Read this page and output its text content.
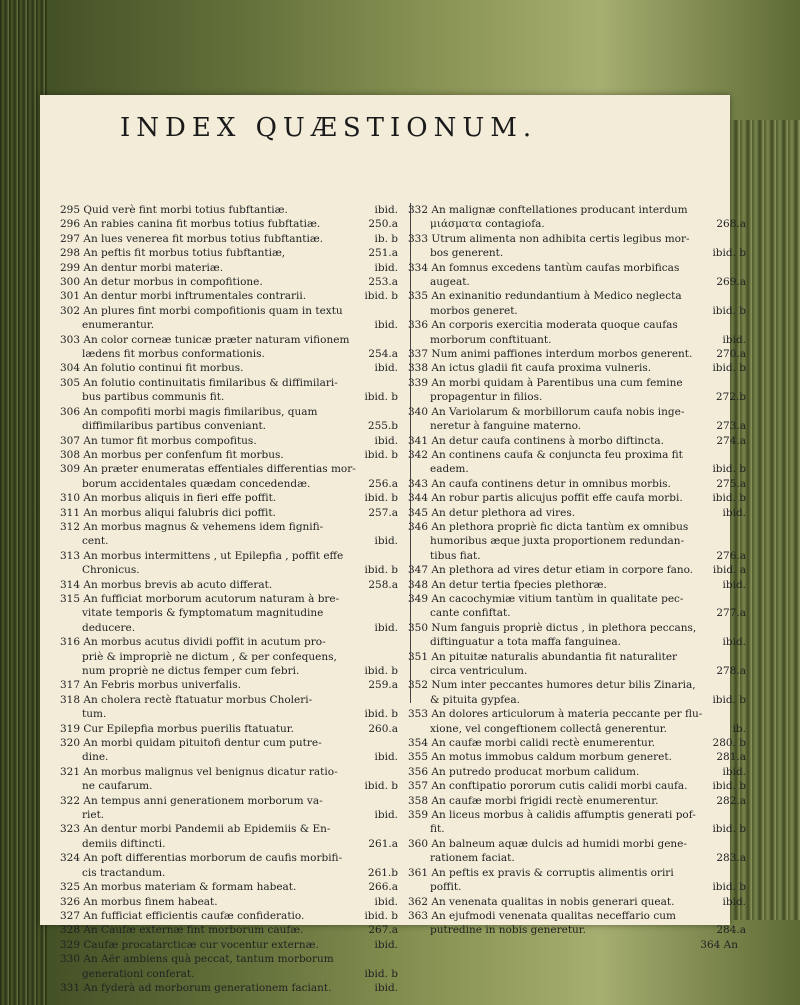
INDEX QUÆSTIONUM.
295 Quid verè fint morbi totius fubftantiæ.	ibid.
296 An rabies canina fit morbus totius fubftatiæ.	250.a
297 An lues venerea fit morbus totius fubftantiæ.	ib. b
298 An peftis fit morbus totius fubftantiæ,	251.a
299 An dentur morbi materiæ.	ibid.
300 An detur morbus in compofitione.	253.a
301 An dentur morbi inftrumentales contrarii.	ibid. b
302 An plures fint morbi compofitionis quam in textu
enumerantur.	ibid.
303 An color corneæ tunicæ præter naturam vifionem
lædens fit morbus conformationis.	254.a
304 An folutio continui fit morbus.	ibid.
305 An folutio continuitatis fimilaribus & diffimilari-
bus partibus communis fit.	ibid. b
306 An compofiti morbi magis fimilaribus, quam
diffimilaribus partibus conveniant.	255.b
307 An tumor fit morbus compofitus.	ibid.
308 An morbus per confenfum fit morbus.	ibid. b
309 An præter enumeratas effentiales differentias mor-
borum accidentales quædam concedendæ.	256.a
310 An morbus aliquis in fieri effe poffit.	ibid. b
311 An morbus aliqui falubris dici poffit.	257.a
312 An morbus magnus & vehemens idem fignifi-
cent.	ibid.
313 An morbus intermittens , ut Epilepfia , poffit effe
Chronicus.	ibid. b
314 An morbus brevis ab acuto differat.	258.a
315 An fufficiat morborum acutorum naturam à bre-
vitate temporis & fymptomatum magnitudine
deducere.	ibid.
316 An morbus acutus dividi poffit in acutum pro-
priè & impropriè ne dictum , & per confequens,
num propriè ne dictus femper cum febri.	ibid. b
317 An Febris morbus univerfalis.	259.a
318 An cholera rectè ftatuatur morbus Choleri-
tum.	ibid. b
319 Cur Epilepfia morbus puerilis ftatuatur.	260.a
320 An morbi quidam pituitofi dentur cum putre-
dine.	ibid.
321 An morbus malignus vel benignus dicatur ratio-
ne caufarum.	ibid. b
322 An tempus anni generationem morborum va-
riet.	ibid.
323 An dentur morbi Pandemii ab Epidemiis & En-
demiis diftincti.	261.a
324 An poft differentias morborum de caufis morbifi-
cis tractandum.	261.b
325 An morbus materiam & formam habeat.	266.a
326 An morbus finem habeat.	ibid.
327 An fufficiat efficientis caufæ confideratio.	ibid. b
328 An Caufæ externæ fint morborum caufæ.	267.a
329 Caufæ procatarcticæ cur vocentur externæ.	ibid.
330 An Aër ambiens quà peccat, tantum morborum
generationi conferat.	ibid. b
331 An fyderà ad morborum generationem faciant.	ibid.
332 An malignæ conftellationes producant interdum
μιάσματα contagiofa.	268.a
333 Utrum alimenta non adhibita certis legibus mor-
bos generent.	ibid. b
334 An fomnus excedens tantùm caufas morbificas
augeat.	269.a
335 An exinanitio redundantium à Medico neglecta
morbos generet.	ibid. b
336 An corporis exercitia moderata quoque caufas
morborum conftituant.	ibid.
337 Num animi paffiones interdum morbos generent. 270.a
338 An ictus gladii fit caufa proxima vulneris.	ibid. b
339 An morbi quidam à Parentibus una cum femine
propagentur in filios.	272.b
340 An Variolarum & morbillorum caufa nobis inge-
neretur à fanguine materno.	273.a
341 An detur caufa continens à morbo diftincta.	274.a
342 An continens caufa & conjuncta feu proxima fit
eadem.	ibid. b
343 An caufa continens detur in omnibus morbis.	275.a
344 An robur partis alicujus poffit effe caufa morbi.	ibid. b
345 An detur plethora ad vires.	ibid.
346 An plethora propriè fic dicta tantùm ex omnibus
humoribus æque juxta proportionem redundan-
tibus fiat.	276.a
347 An plethora ad vires detur etiam in corpore fano. ibid. a
348 An detur tertia fpecies plethoræ.	ibid.
349 An cacochymiæ vitium tantùm in qualitate pec-
cante confiftat.	277.a
350 Num fanguis propriè dictus , in plethora peccans,
diftinguatur a tota maffa fanguinea.	ibid.
351 An pituitæ naturalis abundantia fit naturaliter
circa ventriculum.	278.a
352 Num inter peccantes humores detur bilis Zinaria,
& pituita gypfea.	ibid. b
353 An dolores articulorum à materia peccante per flu-
xione, vel congeftionem collectâ generentur.	ib.
354 An caufæ morbi calidi rectè enumerentur.	280. b
355 An motus immobus caldum morbum generet.	281.a
356 An putredo producat morbum calidum.	ibid.
357 An conftipatio pororum cutis calidi morbi caufa. ibid. b
358 An caufæ morbi frigidi rectè enumerentur.	282.a
359 An liceus morbus à calidis affumptis generati pof-
fit.	ibid. b
360 An balneum aquæ dulcis ad humidi morbi gene-
rationem faciat.	283.a
361 An peftis ex pravis & corruptis alimentis oriri
poffit.	ibid. b
362 An venenata qualitas in nobis generari queat.	ibid.
363 An ejufmodi venenata qualitas neceffario cum
putredine in nobis generetur.	284.a
364 An
